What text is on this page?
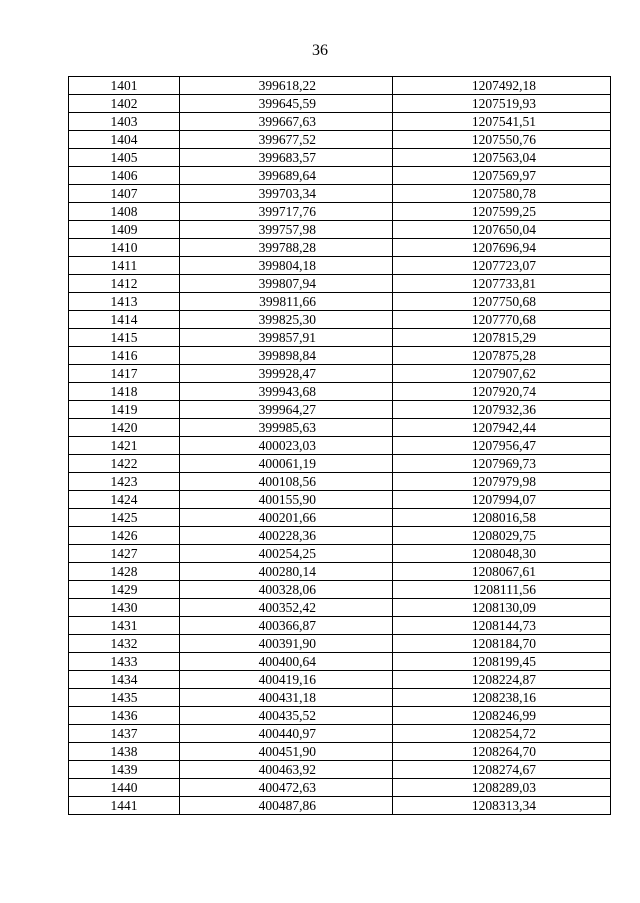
36
1401	399618,22	1207492,18
1402	399645,59	1207519,93
1403	399667,63	1207541,51
1404	399677,52	1207550,76
1405	399683,57	1207563,04
1406	399689,64	1207569,97
1407	399703,34	1207580,78
1408	399717,76	1207599,25
1409	399757,98	1207650,04
1410	399788,28	1207696,94
1411	399804,18	1207723,07
1412	399807,94	1207733,81
1413	399811,66	1207750,68
1414	399825,30	1207770,68
1415	399857,91	1207815,29
1416	399898,84	1207875,28
1417	399928,47	1207907,62
1418	399943,68	1207920,74
1419	399964,27	1207932,36
1420	399985,63	1207942,44
1421	400023,03	1207956,47
1422	400061,19	1207969,73
1423	400108,56	1207979,98
1424	400155,90	1207994,07
1425	400201,66	1208016,58
1426	400228,36	1208029,75
1427	400254,25	1208048,30
1428	400280,14	1208067,61
1429	400328,06	1208111,56
1430	400352,42	1208130,09
1431	400366,87	1208144,73
1432	400391,90	1208184,70
1433	400400,64	1208199,45
1434	400419,16	1208224,87
1435	400431,18	1208238,16
1436	400435,52	1208246,99
1437	400440,97	1208254,72
1438	400451,90	1208264,70
1439	400463,92	1208274,67
1440	400472,63	1208289,03
1441	400487,86	1208313,34
